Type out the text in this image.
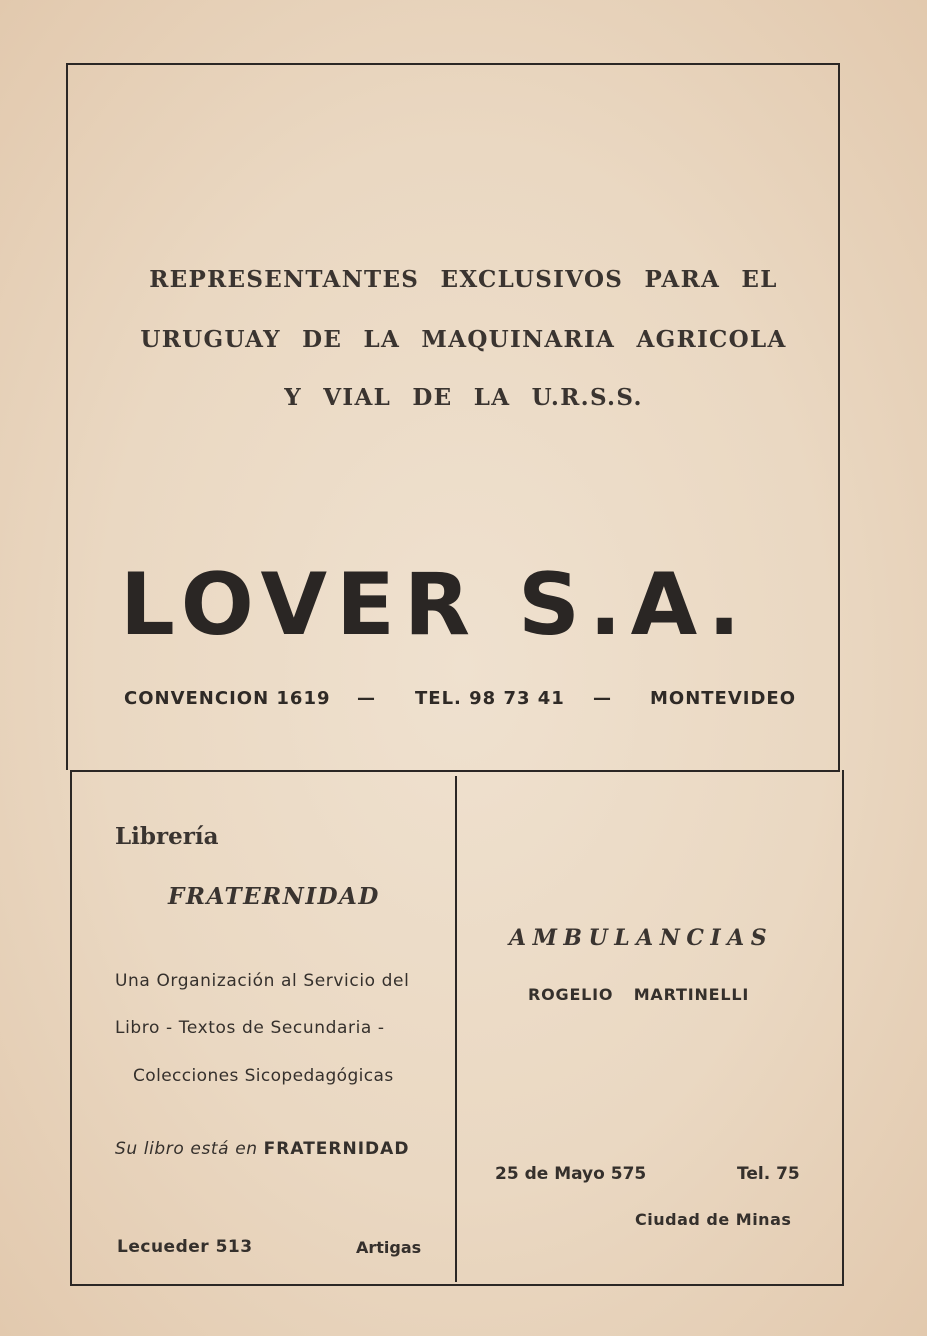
REPRESENTANTES EXCLUSIVOS PARA EL
URUGUAY DE LA MAQUINARIA AGRICOLA
Y VIAL DE LA U.R.S.S.
LOVER S.A.
CONVENCION 1619 — TEL. 98 73 41 — MONTEVIDEO
Librería
FRATERNIDAD
Una Organización al Servicio del
Libro - Textos de Secundaria -
Colecciones Sicopedagógicas
Su libro está en FRATERNIDAD
Lecueder 513	Artigas
AMBULANCIAS
ROGELIO MARTINELLI
25 de Mayo 575	Tel. 75
Ciudad de Minas
